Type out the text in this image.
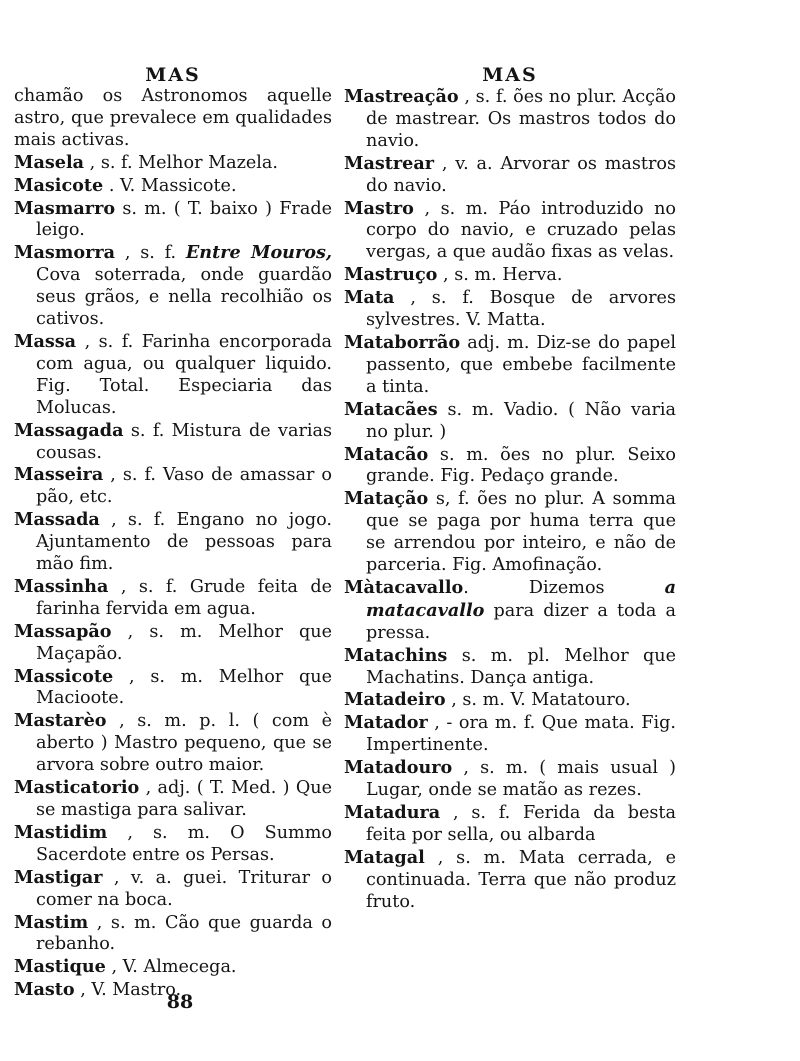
MAS
chamão os Astronomos aquelle astro, que prevalece em qualidades mais activas.
Masela , s. f. Melhor Mazela.
Masicote . V. Massicote.
Masmarro s. m. ( T. baixo ) Frade leigo.
Masmorra , s. f. Entre Mouros, Cova soterrada, onde guardão seus grãos, e nella recolhião os cativos.
Massa , s. f. Farinha encorporada com agua, ou qualquer liquido. Fig. Total. Especiaria das Molucas.
Massagada s. f. Mistura de varias cousas.
Masseira , s. f. Vaso de amassar o pão, etc.
Massada , s. f. Engano no jogo. Ajuntamento de pessoas para mão fim.
Massinha , s. f. Grude feita de farinha fervida em agua.
Massapão , s. m. Melhor que Maçapão.
Massicote , s. m. Melhor que Macioote.
Mastarèo , s. m. p. l. ( com è aberto ) Mastro pequeno, que se arvora sobre outro maior.
Masticatorio , adj. ( T. Med. ) Que se mastiga para salivar.
Mastidim , s. m. O Summo Sacerdote entre os Persas.
Mastigar , v. a. guei. Triturar o comer na boca.
Mastim , s. m. Cão que guarda o rebanho.
Mastique , V. Almecega.
Masto , V. Mastro.
MAS
Mastreação , s. f. ões no plur. Acção de mastrear. Os mastros todos do navio.
Mastrear , v. a. Arvorar os mastros do navio.
Mastro , s. m. Páo introduzido no corpo do navio, e cruzado pelas vergas, a que audão fixas as velas.
Mastruço , s. m. Herva.
Mata , s. f. Bosque de arvores sylvestres. V. Matta.
Mataborrão adj. m. Diz-se do papel passento, que embebe facilmente a tinta.
Matacães s. m. Vadio. ( Não varia no plur. )
Matacão s. m. ões no plur. Seixo grande. Fig. Pedaço grande.
Matação s, f. ões no plur. A somma que se paga por huma terra que se arrendou por inteiro, e não de parceria. Fig. Amofinação.
Màtacavallo. Dizemos	a matacavallo para dizer a toda a pressa.
Matachins s. m. pl. Melhor que Machatins. Dança antiga.
Matadeiro , s. m. V. Matatouro.
Matador , - ora m. f. Que mata. Fig. Impertinente.
Matadouro , s. m. ( mais usual ) Lugar, onde se matão as rezes.
Matadura , s. f. Ferida da besta feita por sella, ou albarda
Matagal , s. m. Mata cerrada, e continuada. Terra que não produz fruto.
88
